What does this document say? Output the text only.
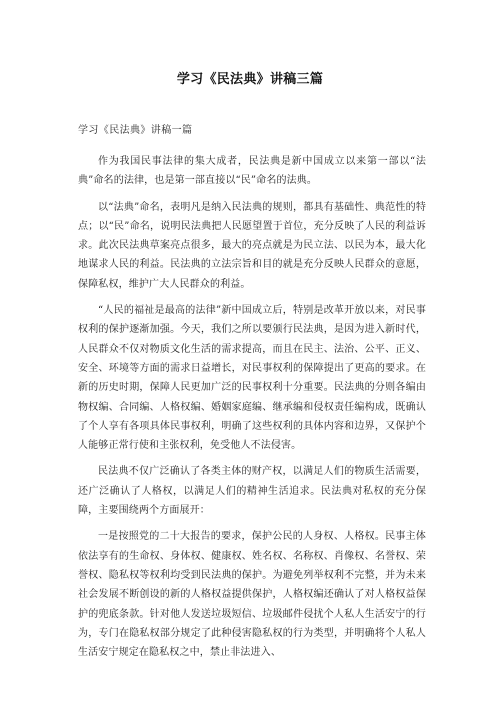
学习《民法典》讲稿三篇
学习《民法典》讲稿一篇

作为我国民事法律的集大成者，民法典是新中国成立以来第一部以“法典”命名的法律，也是第一部直接以“民”命名的法典。

以“法典”命名，表明凡是纳入民法典的规则，都具有基础性、典范性的特点；以“民”命名，说明民法典把人民愿望置于首位，充分反映了人民的利益诉求。此次民法典草案亮点很多，最大的亮点就是为民立法、以民为本，最大化地谋求人民的利益。民法典的立法宗旨和目的就是充分反映人民群众的意愿，保障私权，维护广大人民群众的利益。

“人民的福祉是最高的法律”新中国成立后，特别是改革开放以来，对民事权利的保护逐渐加强。今天，我们之所以要颁行民法典，是因为进入新时代，人民群众不仅对物质文化生活的需求提高，而且在民主、法治、公平、正义、安全、环境等方面的需求日益增长，对民事权利的保障提出了更高的要求。在新的历史时期，保障人民更加广泛的民事权利十分重要。民法典的分则各编由物权编、合同编、人格权编、婚姻家庭编、继承编和侵权责任编构成，既确认了个人享有各项具体民事权利，明确了这些权利的具体内容和边界，又保护个人能够正常行使和主张权利，免受他人不法侵害。

民法典不仅广泛确认了各类主体的财产权，以满足人们的物质生活需要，还广泛确认了人格权，以满足人们的精神生活追求。民法典对私权的充分保障，主要围绕两个方面展开：

一是按照党的二十大报告的要求，保护公民的人身权、人格权。民事主体依法享有的生命权、身体权、健康权、姓名权、名称权、肖像权、名誉权、荣誉权、隐私权等权利均受到民法典的保护。为避免列举权利不完整，并为未来社会发展不断创设的新的人格权益提供保护，人格权编还确认了对人格权益保护的兜底条款。针对他人发送垃圾短信、垃圾邮件侵扰个人私人生活安宁的行为，专门在隐私权部分规定了此种侵害隐私权的行为类型，并明确将个人私人生活安宁规定在隐私权之中，禁止非法进入、
